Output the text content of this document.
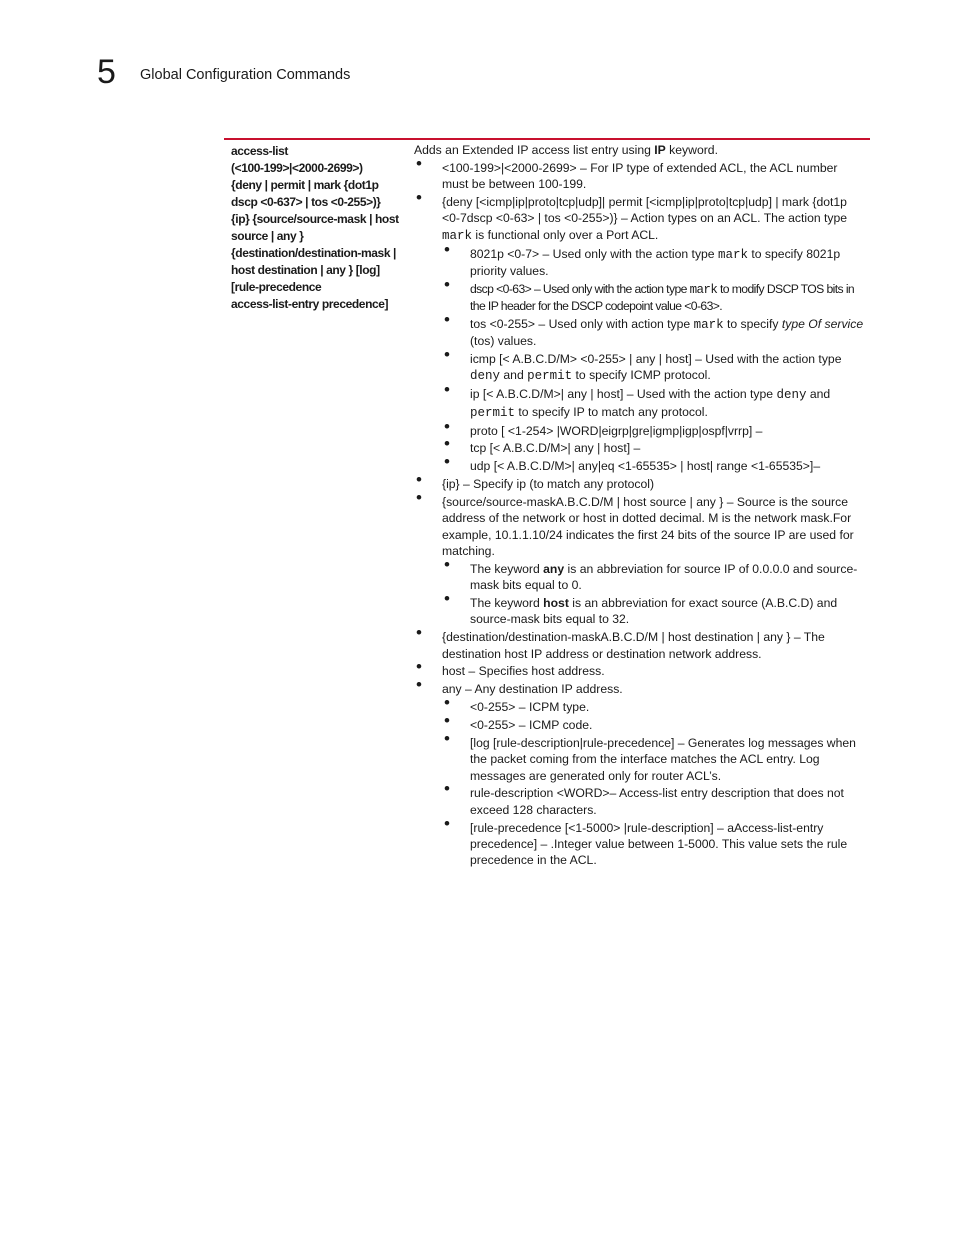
5 Global Configuration Commands
access-list
(<100-199>|<2000-2699>)
{deny | permit | mark {dot1p
dscp <0-637> | tos <0-255>)}
{ip} {source/source-mask | host
source | any }
{destination/destination-mask |
host destination | any } [log]
[rule-precedence
access-list-entry precedence]

Adds an Extended IP access list entry using IP keyword.

• <100-199>|<2000-2699> – For IP type of extended ACL, the ACL number must be between 100-199.
• {deny [<icmp|ip|proto|tcp|udp]| permit [<icmp|ip|proto|tcp|udp] | mark {dot1p <0-7dscp <0-63> | tos <0-255>)} – Action types on an ACL. The action type mark is functional only over a Port ACL.
• 8021p <0-7> – Used only with the action type mark to specify 8021p priority values.
• dscp <0-63> – Used only with the action type mark to modify DSCP TOS bits in the IP header for the DSCP codepoint value <0-63>.
• tos <0-255> – Used only with action type mark to specify type Of service (tos) values.
• icmp [< A.B.C.D/M> <0-255> | any | host] – Used with the action type deny and permit to specify ICMP protocol.
• ip [< A.B.C.D/M>| any | host] – Used with the action type deny and permit to specify IP to match any protocol.
• proto [ <1-254> |WORD|eigrp|gre|igmp|igp|ospf|vrrp] –
• tcp [< A.B.C.D/M>| any | host] –
• udp [< A.B.C.D/M>| any|eq <1-65535> | host| range <1-65535>]–
• {ip} – Specify ip (to match any protocol)
• {source/source-maskA.B.C.D/M | host source | any } – Source is the source address of the network or host in dotted decimal. M is the network mask.For example, 10.1.1.10/24 indicates the first 24 bits of the source IP are used for matching.
• The keyword any is an abbreviation for source IP of 0.0.0.0 and source-mask bits equal to 0.
• The keyword host is an abbreviation for exact source (A.B.C.D) and source-mask bits equal to 32.
• {destination/destination-maskA.B.C.D/M | host destination | any } – The destination host IP address or destination network address.
• host – Specifies host address.
• any – Any destination IP address.
• <0-255> – ICPM type.
• <0-255> – ICMP code.
• [log [rule-description|rule-precedence] – Generates log messages when the packet coming from the interface matches the ACL entry. Log messages are generated only for router ACL’s.
• rule-description <WORD>– Access-list entry description that does not exceed 128 characters.
• [rule-precedence [<1-5000> |rule-description] – aAccess-list-entry precedence] – .Integer value between 1-5000. This value sets the rule precedence in the ACL.
